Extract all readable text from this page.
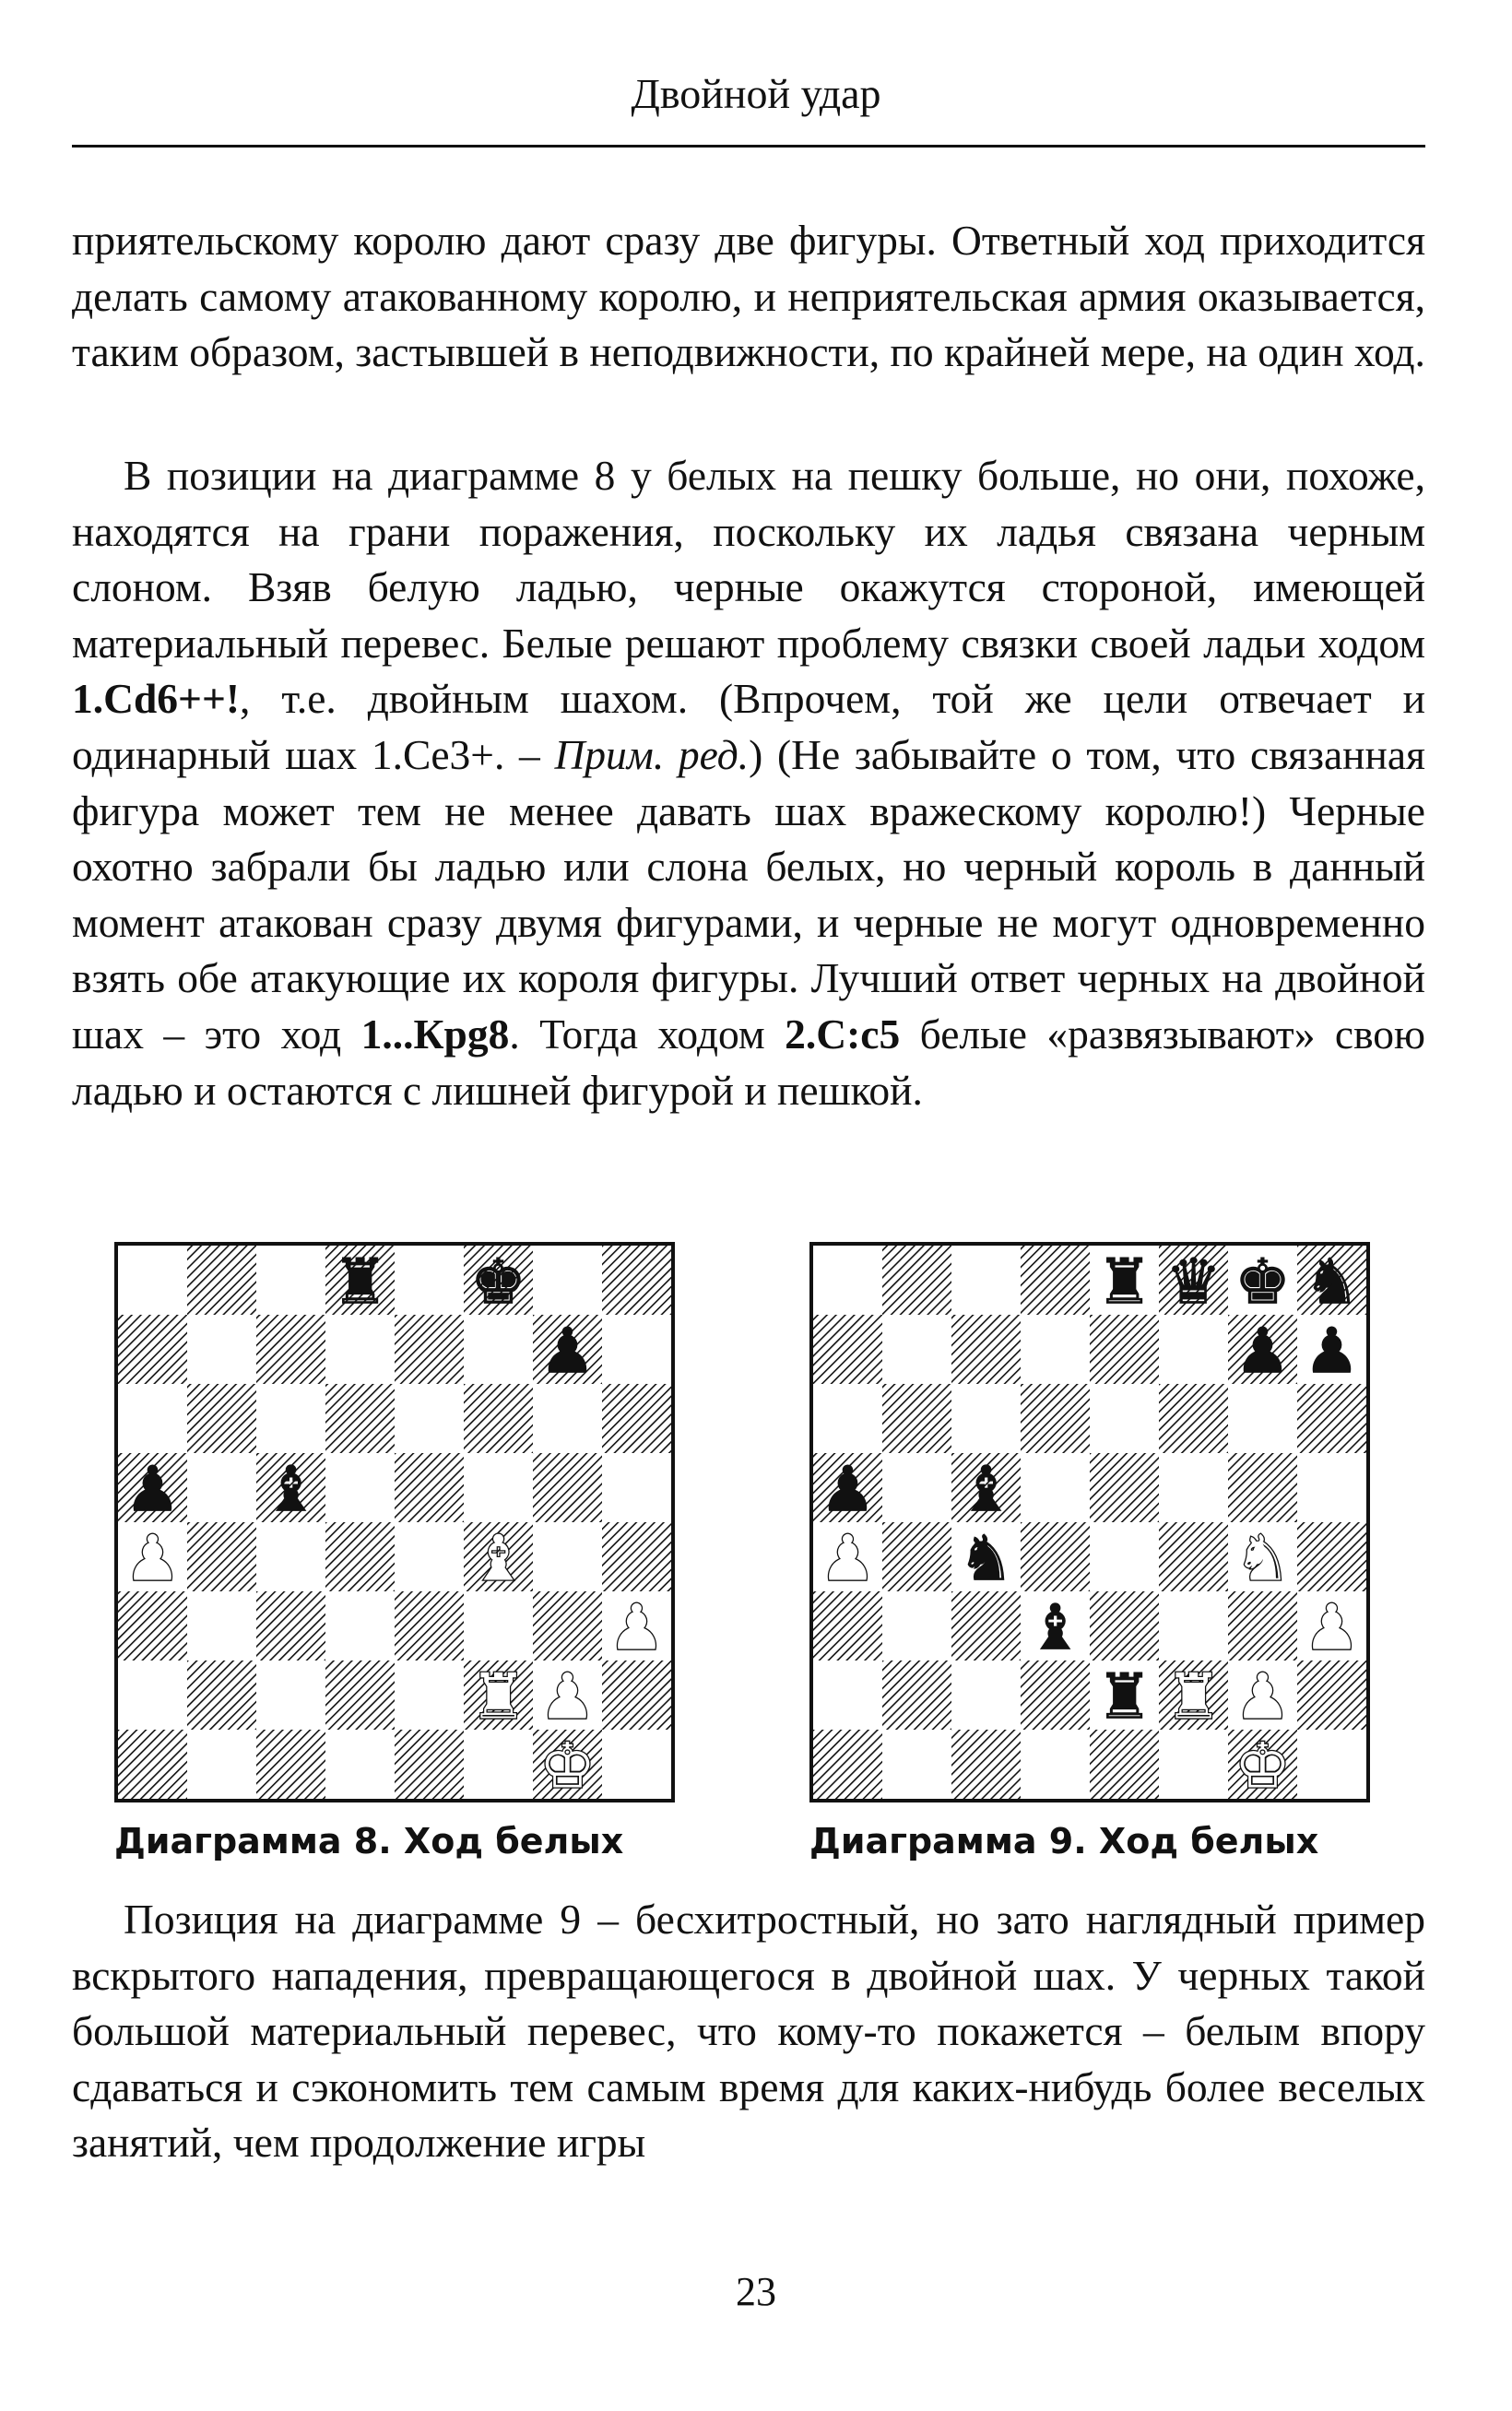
Двойной удар

приятельскому королю дают сразу две фигуры. Ответный ход приходится делать самому атакованному королю, и неприятельская армия оказывается, таким образом, застывшей в неподвижности, по крайней мере, на один ход.

В позиции на диаграмме 8 у белых на пешку больше, но они, похоже, находятся на грани поражения, поскольку их ладья связана черным слоном. Взяв белую ладью, черные окажутся стороной, имеющей материальный перевес. Белые решают проблему связки своей ладьи ходом 1.Cd6++!, т.е. двойным шахом. (Впрочем, той же цели отвечает и одинарный шах 1.Ce3+. – Прим. ред.) (Не забывайте о том, что связанная фигура может тем не менее давать шах вражескому королю!) Черные охотно забрали бы ладью или слона белых, но черный король в данный момент атакован сразу двумя фигурами, и черные не могут одновременно взять обе атакующие их короля фигуры. Лучший ответ черных на двойной шах – это ход 1...Кpg8. Тогда ходом 2.C:c5 белые «развязывают» свою ладью и остаются с лишней фигурой и пешкой.

♜ ♚
♟
♟ ♝
♟	♝
♟
♜ ♟
♚
♜ ♛ ♚ ♞
♟ ♟
♟ ♝
♟ ♞	♞
♝	♟
♜ ♜ ♟
♚
Диаграмма 8. Ход белых	Диаграмма 9. Ход белых

Позиция на диаграмме 9 – бесхитростный, но зато наглядный пример вскрытого нападения, превращающегося в двойной шах. У черных такой большой материальный перевес, что кому-то покажется – белым впору сдаваться и сэкономить тем самым время для каких-нибудь более веселых занятий, чем продолжение игры

23
